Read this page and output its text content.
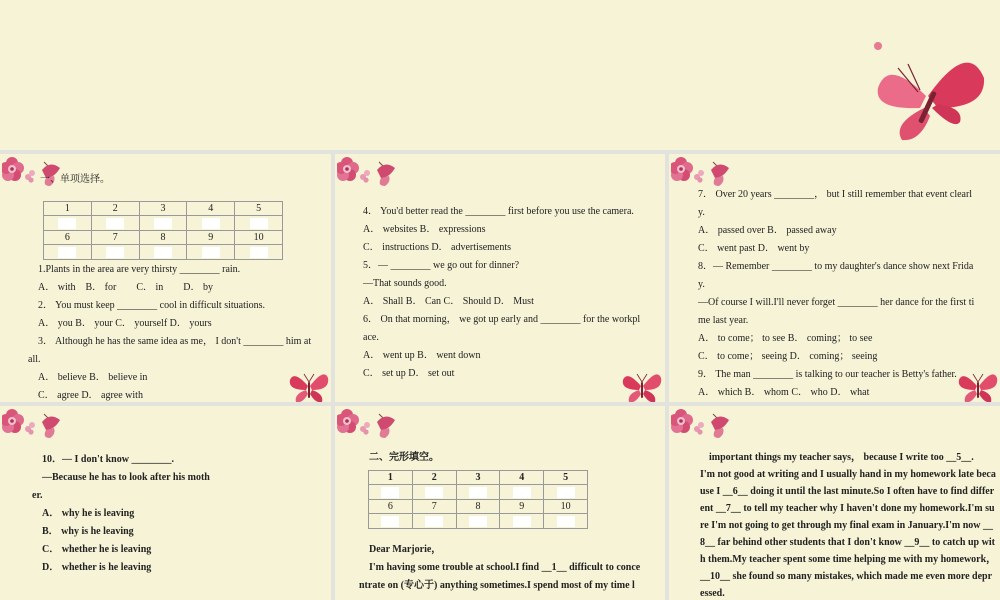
一、单项选择。
1	2	3	4	5

6	7	8	9	10

1.Plants in the area are very thirsty ________ rain.
A． with　B． for　　C． in　　D． by
2． You must keep ________ cool in difficult situations.
A． you B． your C． yourself D． yours
3． Although he has the same idea as me， I don't ________ him at
all.
A． believe B． believe in
C． agree D． agree with
4． You'd better read the ________ first before you use the camera.
A． websites B． expressions
C． instructions D． advertisements
5．— ________ we go out for dinner?
—That sounds good.
A． Shall B． Can C． Should D． Must
6． On that morning， we got up early and ________ for the workpl
ace.
A． went up B． went down
C． set up D． set out
7． Over 20 years ________， but I still remember that event clearl
y.
A． passed over B． passed away
C． went past D． went by
8．— Remember ________ to my daughter's dance show next Frida
y.
—Of course I will.I'll never forget ________ her dance for the first ti
me last year.
A． to come； to see B． coming； to see
C． to come； seeing D． coming； seeing
9． The man ________ is talking to our teacher is Betty's father.
A． which B． whom C． who D． what
10．— I don't know ________.
—Because he has to look after his moth
er.
A． why he is leaving
B． why is he leaving
C． whether he is leaving
D． whether is he leaving
二、完形填空。
1	2	3	4	5

6	7	8	9	10

Dear Marjorie，
I'm having some trouble at school.I find __1__ difficult to conce
ntrate on (专心于) anything sometimes.I spend most of my time l
important things my teacher says， because I write too __5__.
I'm not good at writing and I usually hand in my homework late beca
use I __6__ doing it until the last minute.So I often have to find differ
ent __7__ to tell my teacher why I haven't done my homework.I'm su
re I'm not going to get through my final exam in January.I'm now __
8__ far behind other students that I don't know __9__ to catch up wit
h them.My teacher spent some time helping me with my homework，
__10__ she found so many mistakes, which made me even more depr
essed.
